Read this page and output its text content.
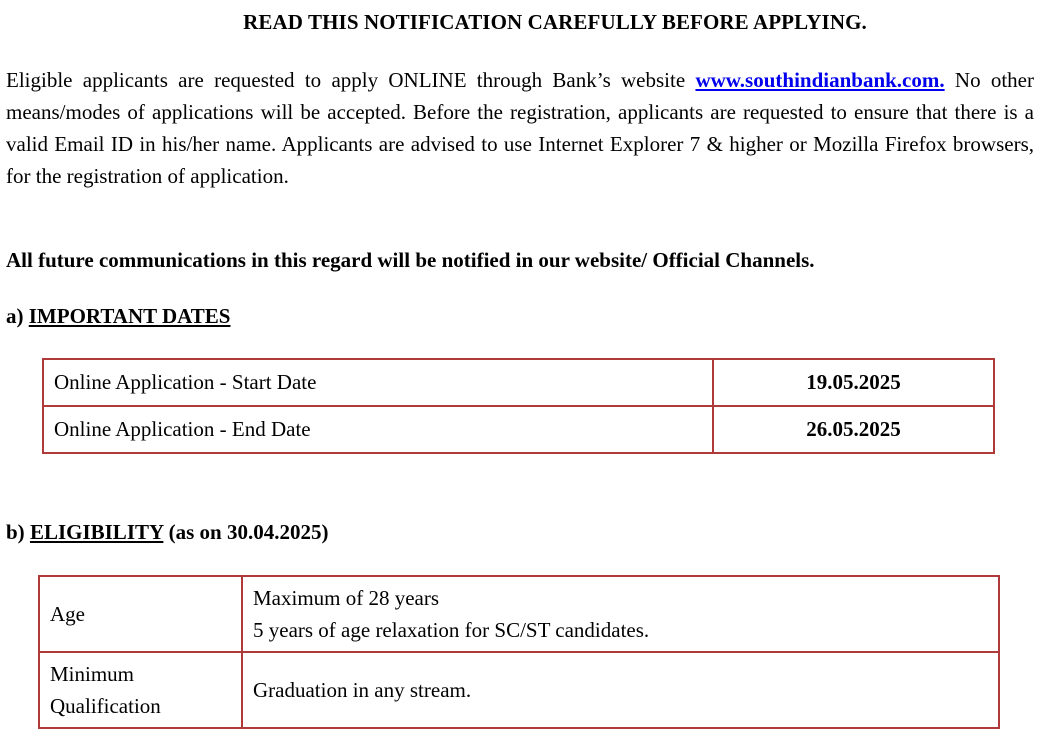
READ THIS NOTIFICATION CAREFULLY BEFORE APPLYING.
Eligible applicants are requested to apply ONLINE through Bank’s website www.southindianbank.com. No other means/modes of applications will be accepted. Before the registration, applicants are requested to ensure that there is a valid Email ID in his/her name. Applicants are advised to use Internet Explorer 7 & higher or Mozilla Firefox browsers, for the registration of application.
All future communications in this regard will be notified in our website/ Official Channels.
a) IMPORTANT DATES
Online Application - Start Date	19.05.2025
Online Application - End Date	26.05.2025
b) ELIGIBILITY (as on 30.04.2025)
Age	Maximum of 28 years
5 years of age relaxation for SC/ST candidates.

Minimum
Qualification	Graduation in any stream.
